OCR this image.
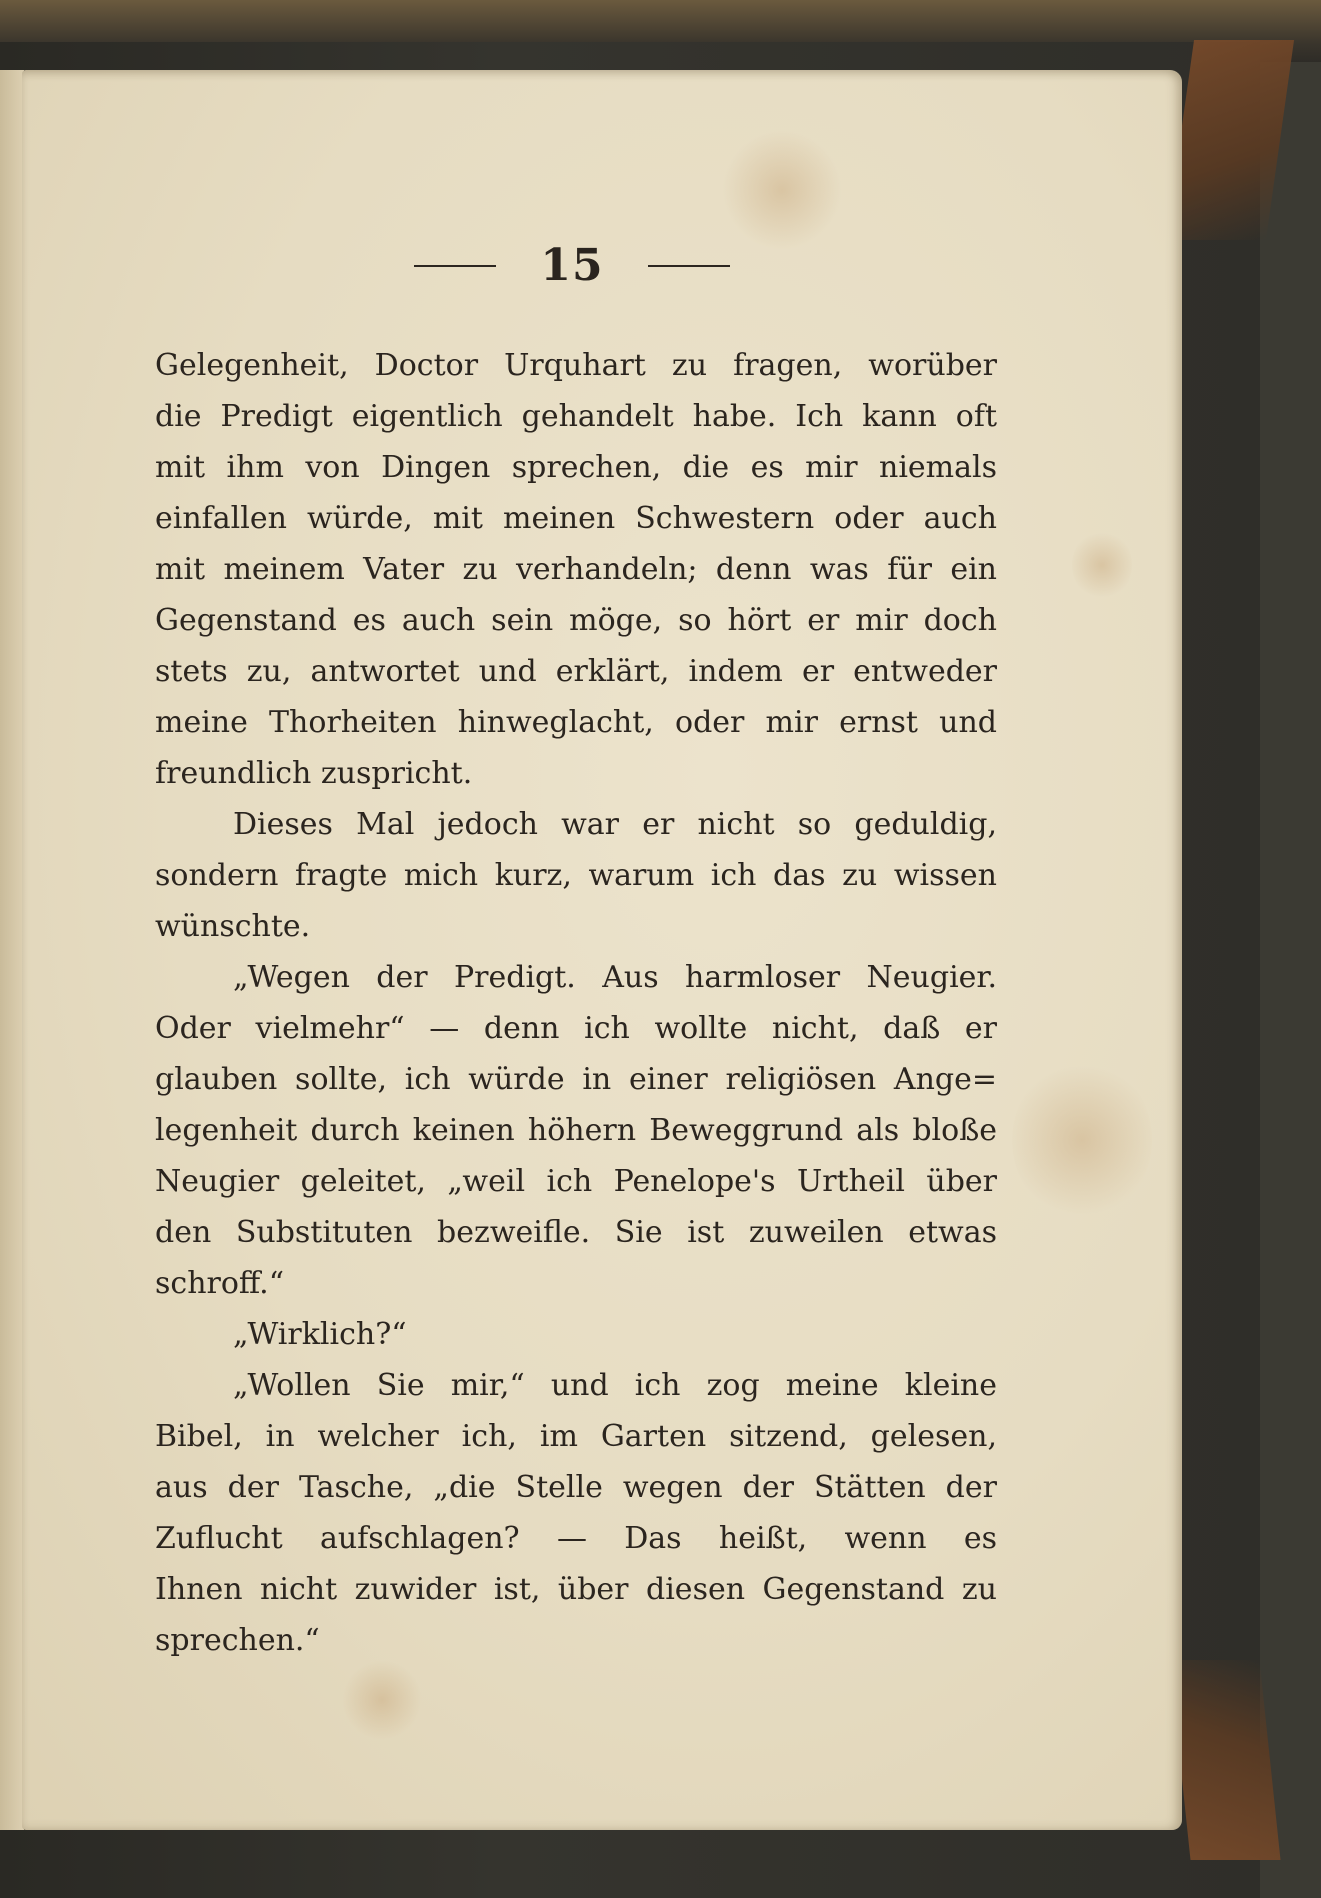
15
Gelegenheit, Doctor Urquhart zu fragen, worüber
die Predigt eigentlich gehandelt habe. Ich kann oft
mit ihm von Dingen sprechen, die es mir niemals
einfallen würde, mit meinen Schwestern oder auch
mit meinem Vater zu verhandeln; denn was für ein
Gegenstand es auch sein möge, so hört er mir doch
stets zu, antwortet und erklärt, indem er entweder
meine Thorheiten hinweglacht, oder mir ernst und
freundlich zuspricht.
Dieses Mal jedoch war er nicht so geduldig,
sondern fragte mich kurz, warum ich das zu wissen
wünschte.
„Wegen der Predigt. Aus harmloser Neugier.
Oder vielmehr“ — denn ich wollte nicht, daß er
glauben sollte, ich würde in einer religiösen Ange=
legenheit durch keinen höhern Beweggrund als bloße
Neugier geleitet, „weil ich Penelope's Urtheil über
den Substituten bezweifle. Sie ist zuweilen etwas
schroff.“
„Wirklich?“
„Wollen Sie mir,“ und ich zog meine kleine
Bibel, in welcher ich, im Garten sitzend, gelesen,
aus der Tasche, „die Stelle wegen der Stätten der
Zuflucht aufschlagen? — Das heißt, wenn es
Ihnen nicht zuwider ist, über diesen Gegenstand zu
sprechen.“
